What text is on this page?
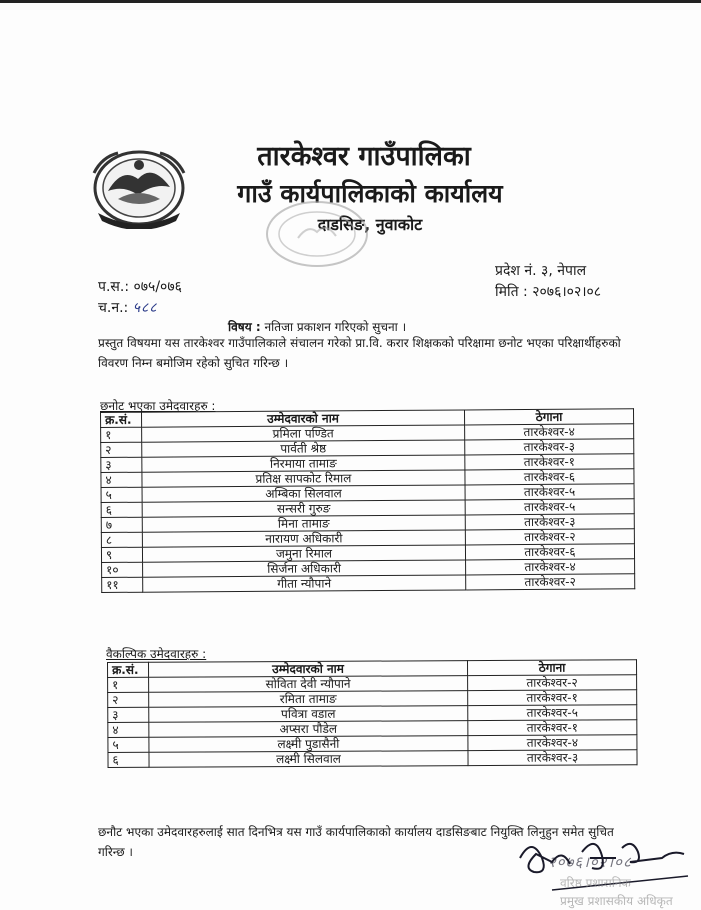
तारकेश्वर गाउँपालिका
गाउँ कार्यपालिकाको कार्यालय
दाडसिङ, नुवाकोट
प.स.: ०७५/०७६
च.न.: ५८८
प्रदेश नं. ३, नेपाल
मिति : २०७६।०२।०८
विषय : नतिजा प्रकाशन गरिएको सुचना ।
प्रस्तुत विषयमा यस तारकेश्वर गाउँपालिकाले संचालन गरेको प्रा.वि. करार शिक्षकको परिक्षामा छनोट भएका परिक्षार्थीहरुको विवरण निम्न बमोजिम रहेको सुचित गरिन्छ ।
छनोट भएका उमेदवारहरु :
क्र.सं.	उम्मेदवारको नाम	ठेगाना
१	प्रमिला पण्डित	तारकेश्वर-४
२	पार्वती श्रेष्ठ	तारकेश्वर-३
३	निरमाया तामाङ	तारकेश्वर-१
४	प्रतिक्ष सापकोट रिमाल	तारकेश्वर-६
५	अम्बिका सिलवाल	तारकेश्वर-५
६	सन्सरी गुरुङ	तारकेश्वर-५
७	मिना तामाङ	तारकेश्वर-३
८	नारायण अधिकारी	तारकेश्वर-२
९	जमुना रिमाल	तारकेश्वर-६
१०	सिर्जना अधिकारी	तारकेश्वर-४
११	गीता न्यौपाने	तारकेश्वर-२
वैकल्पिक उमेदवारहरु :
क्र.सं.	उम्मेदवारको नाम	ठेगाना
१	सोविता देवी न्यौपाने	तारकेश्वर-२
२	रमिता तामाङ	तारकेश्वर-१
३	पवित्रा वडाल	तारकेश्वर-५
४	अप्सरा पौडेल	तारकेश्वर-१
५	लक्ष्मी पुडासैनी	तारकेश्वर-४
६	लक्ष्मी सिलवाल	तारकेश्वर-३
छनौट भएका उमेदवारहरुलाई सात दिनभित्र यस गाउँ कार्यपालिकाको कार्यालय दाडसिङबाट नियुक्ति लिनुहुन समेत सुचित गरिन्छ ।
२०७६।०२।०८
वरिष्ठ प्रशासनिक
प्रमुख प्रशासकीय अधिकृत
